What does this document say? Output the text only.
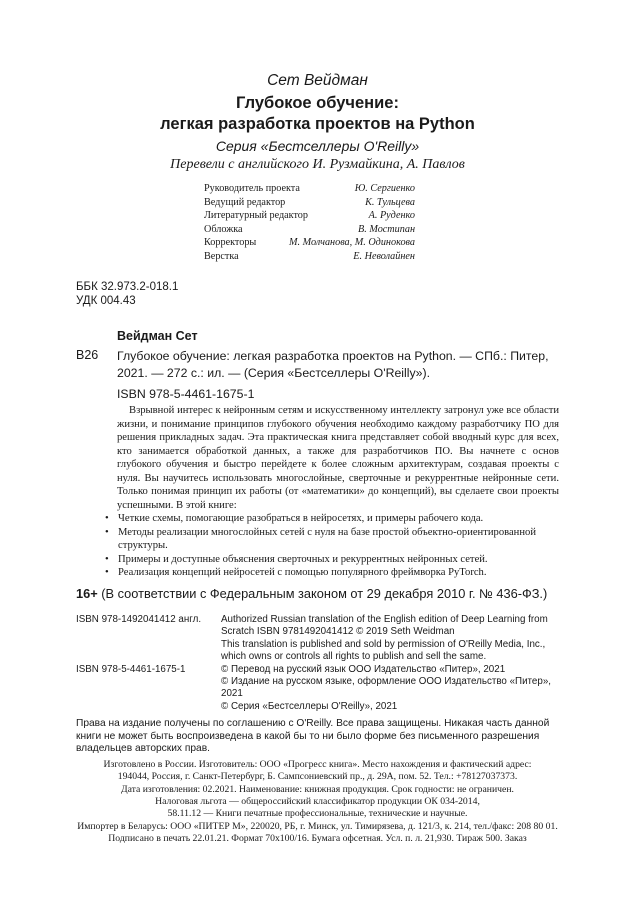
Сет Вейдман
Глубокое обучение:
легкая разработка проектов на Python
Серия «Бестселлеры O'Reilly»
Перевели с английского И. Рузмайкина, А. Павлов
Руководитель проекта	Ю. Сергиенко
Ведущий редактор	К. Тульцева
Литературный редактор	А. Руденко
Обложка	В. Мостипан
Корректоры	М. Молчанова, М. Одинокова
Верстка	Е. Неволайнен
ББК 32.973.2-018.1
УДК 004.43
Вейдман Сет
В26 Глубокое обучение: легкая разработка проектов на Python. — СПб.: Питер, 2021. — 272 с.: ил. — (Серия «Бестселлеры O'Reilly»).
ISBN 978-5-4461-1675-1

Взрывной интерес к нейронным сетям и искусственному интеллекту затронул уже все области жизни, и понимание принципов глубокого обучения необходимо каждому разработчику ПО для решения прикладных задач. Эта практическая книга представляет собой вводный курс для всех, кто занимается обработкой данных, а также для разработчиков ПО. Вы начнете с основ глубокого обучения и быстро перейдете к более сложным архитектурам, создавая проекты с нуля. Вы научитесь использовать многослойные, сверточные и рекуррентные нейронные сети. Только понимая принцип их работы (от «математики» до концепций), вы сделаете свои проекты успешными. В этой книге:

• Четкие схемы, помогающие разобраться в нейросетях, и примеры рабочего кода.
• Методы реализации многослойных сетей с нуля на базе простой объектно-ориентированной структуры.
• Примеры и доступные объяснения сверточных и рекуррентных нейронных сетей.
• Реализация концепций нейросетей с помощью популярного фреймворка PyTorch.
16+ (В соответствии с Федеральным законом от 29 декабря 2010 г. № 436-ФЗ.)
ISBN 978-1492041412 англ. Authorized Russian translation of the English edition of Deep Learning from Scratch ISBN 9781492041412 © 2019 Seth Weidman
This translation is published and sold by permission of O'Reilly Media, Inc., which owns or controls all rights to publish and sell the same.
ISBN 978-5-4461-1675-1	© Перевод на русский язык ООО Издательство «Питер», 2021
© Издание на русском языке, оформление ООО Издательство «Питер», 2021
© Серия «Бестселлеры O'Reilly», 2021
Права на издание получены по соглашению с O'Reilly. Все права защищены. Никакая часть данной книги не может быть воспроизведена в какой бы то ни было форме без письменного разрешения владельцев авторских прав.
Изготовлено в России. Изготовитель: ООО «Прогресс книга». Место нахождения и фактический адрес:
194044, Россия, г. Санкт-Петербург, Б. Сампсониевский пр., д. 29А, пом. 52. Тел.: +78127037373.
Дата изготовления: 02.2021. Наименование: книжная продукция. Срок годности: не ограничен.
Налоговая льгота — общероссийский классификатор продукции ОК 034-2014,
58.11.12 — Книги печатные профессиональные, технические и научные.
Импортер в Беларусь: ООО «ПИТЕР М», 220020, РБ, г. Минск, ул. Тимирязева, д. 121/3, к. 214, тел./факс: 208 80 01.
Подписано в печать 22.01.21. Формат 70х100/16. Бумага офсетная. Усл. п. л. 21,930. Тираж 500. Заказ
